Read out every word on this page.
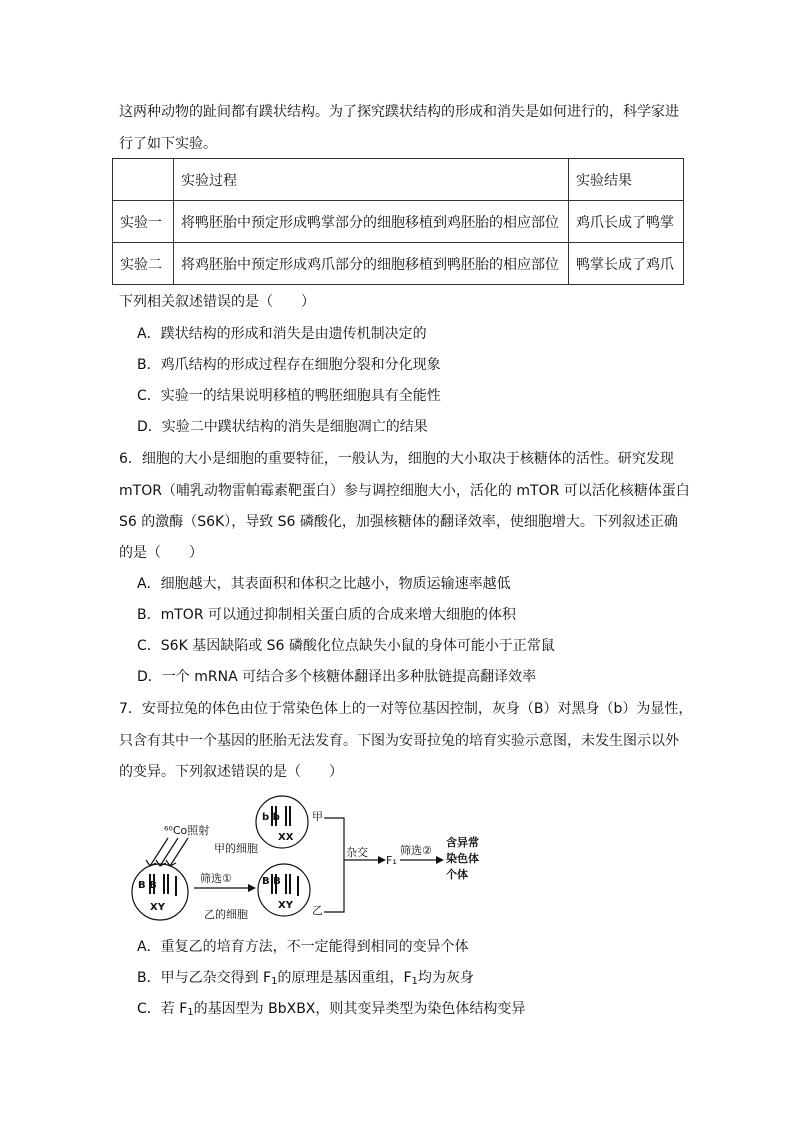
这两种动物的趾间都有蹼状结构。为了探究蹼状结构的形成和消失是如何进行的，科学家进
行了如下实验。
	实验过程	实验结果
实验一	将鸭胚胎中预定形成鸭掌部分的细胞移植到鸡胚胎的相应部位	鸡爪长成了鸭掌
实验二	将鸡胚胎中预定形成鸡爪部分的细胞移植到鸭胚胎的相应部位	鸭掌长成了鸡爪
下列相关叙述错误的是（　　）
A．蹼状结构的形成和消失是由遗传机制决定的
B．鸡爪结构的形成过程存在细胞分裂和分化现象
C．实验一的结果说明移植的鸭胚细胞具有全能性
D．实验二中蹼状结构的消失是细胞凋亡的结果
6．细胞的大小是细胞的重要特征，一般认为，细胞的大小取决于核糖体的活性。研究发现
mTOR（哺乳动物雷帕霉素靶蛋白）参与调控细胞大小，活化的 mTOR 可以活化核糖体蛋白
S6 的激酶（S6K），导致 S6 磷酸化，加强核糖体的翻译效率，使细胞增大。下列叙述正确
的是（　　）
A．细胞越大，其表面积和体积之比越小，物质运输速率越低
B．mTOR 可以通过抑制相关蛋白质的合成来增大细胞的体积
C．S6K 基因缺陷或 S6 磷酸化位点缺失小鼠的身体可能小于正常鼠
D．一个 mRNA 可结合多个核糖体翻译出多种肽链提高翻译效率
7．安哥拉兔的体色由位于常染色体上的一对等位基因控制，灰身（B）对黑身（b）为显性，
只含有其中一个基因的胚胎无法发育。下图为安哥拉兔的培育实验示意图，未发生图示以外
的变异。下列叙述错误的是（　　）
⁶⁰Co照射
B B
XY
甲的细胞
筛选①
乙的细胞
b b
XX
甲
B B
XY 乙
杂交
F₁
筛选②
含异常
染色体
个体
A．重复乙的培育方法，不一定能得到相同的变异个体
B．甲与乙杂交得到 $F_1$的原理是基因重组，$F_1$均为灰身
C．若 $F_1$的基因型为 BbXBX，则其变异类型为染色体结构变异
